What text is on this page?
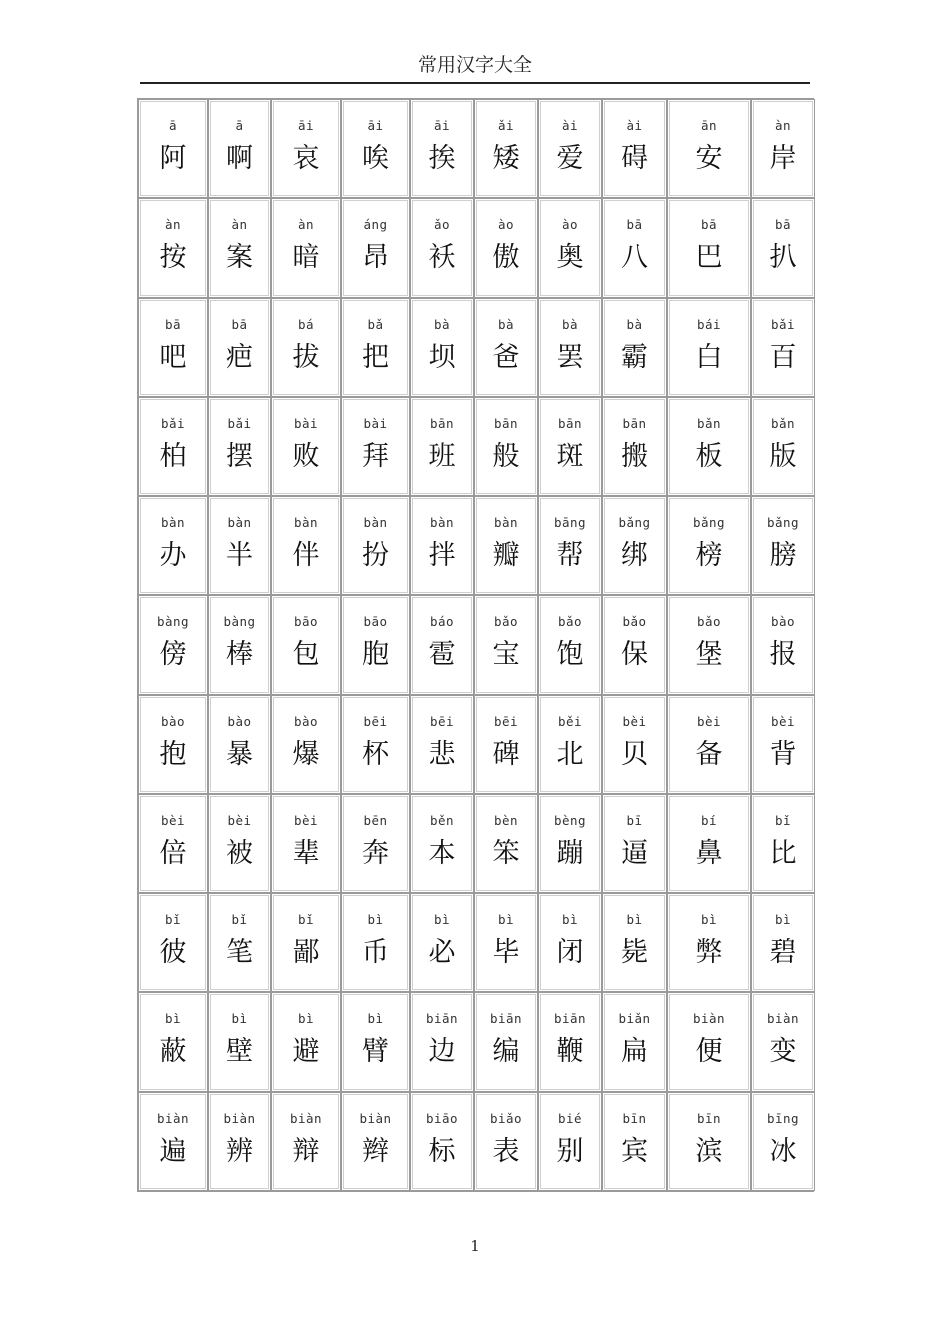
常用汉字大全
ā
阿
ā
啊
āi
哀
āi
唉
āi
挨
ǎi
矮
ài
爱
ài
碍
ān
安
àn
岸
àn
按
àn
案
àn
暗
áng
昂
ǎo
袄
ào
傲
ào
奥
bā
八
bā
巴
bā
扒
bā
吧
bā
疤
bá
拔
bǎ
把
bà
坝
bà
爸
bà
罢
bà
霸
bái
白
bǎi
百
bǎi
柏
bǎi
摆
bài
败
bài
拜
bān
班
bān
般
bān
斑
bān
搬
bǎn
板
bǎn
版
bàn
办
bàn
半
bàn
伴
bàn
扮
bàn
拌
bàn
瓣
bāng
帮
bǎng
绑
bǎng
榜
bǎng
膀
bàng
傍
bàng
棒
bāo
包
bāo
胞
báo
雹
bǎo
宝
bǎo
饱
bǎo
保
bǎo
堡
bào
报
bào
抱
bào
暴
bào
爆
bēi
杯
bēi
悲
bēi
碑
běi
北
bèi
贝
bèi
备
bèi
背
bèi
倍
bèi
被
bèi
辈
bēn
奔
běn
本
bèn
笨
bèng
蹦
bī
逼
bí
鼻
bǐ
比
bǐ
彼
bǐ
笔
bǐ
鄙
bì
币
bì
必
bì
毕
bì
闭
bì
毙
bì
弊
bì
碧
bì
蔽
bì
壁
bì
避
bì
臂
biān
边
biān
编
biān
鞭
biǎn
扁
biàn
便
biàn
变
biàn
遍
biàn
辨
biàn
辩
biàn
辫
biāo
标
biǎo
表
bié
别
bīn
宾
bīn
滨
bīng
冰
1
